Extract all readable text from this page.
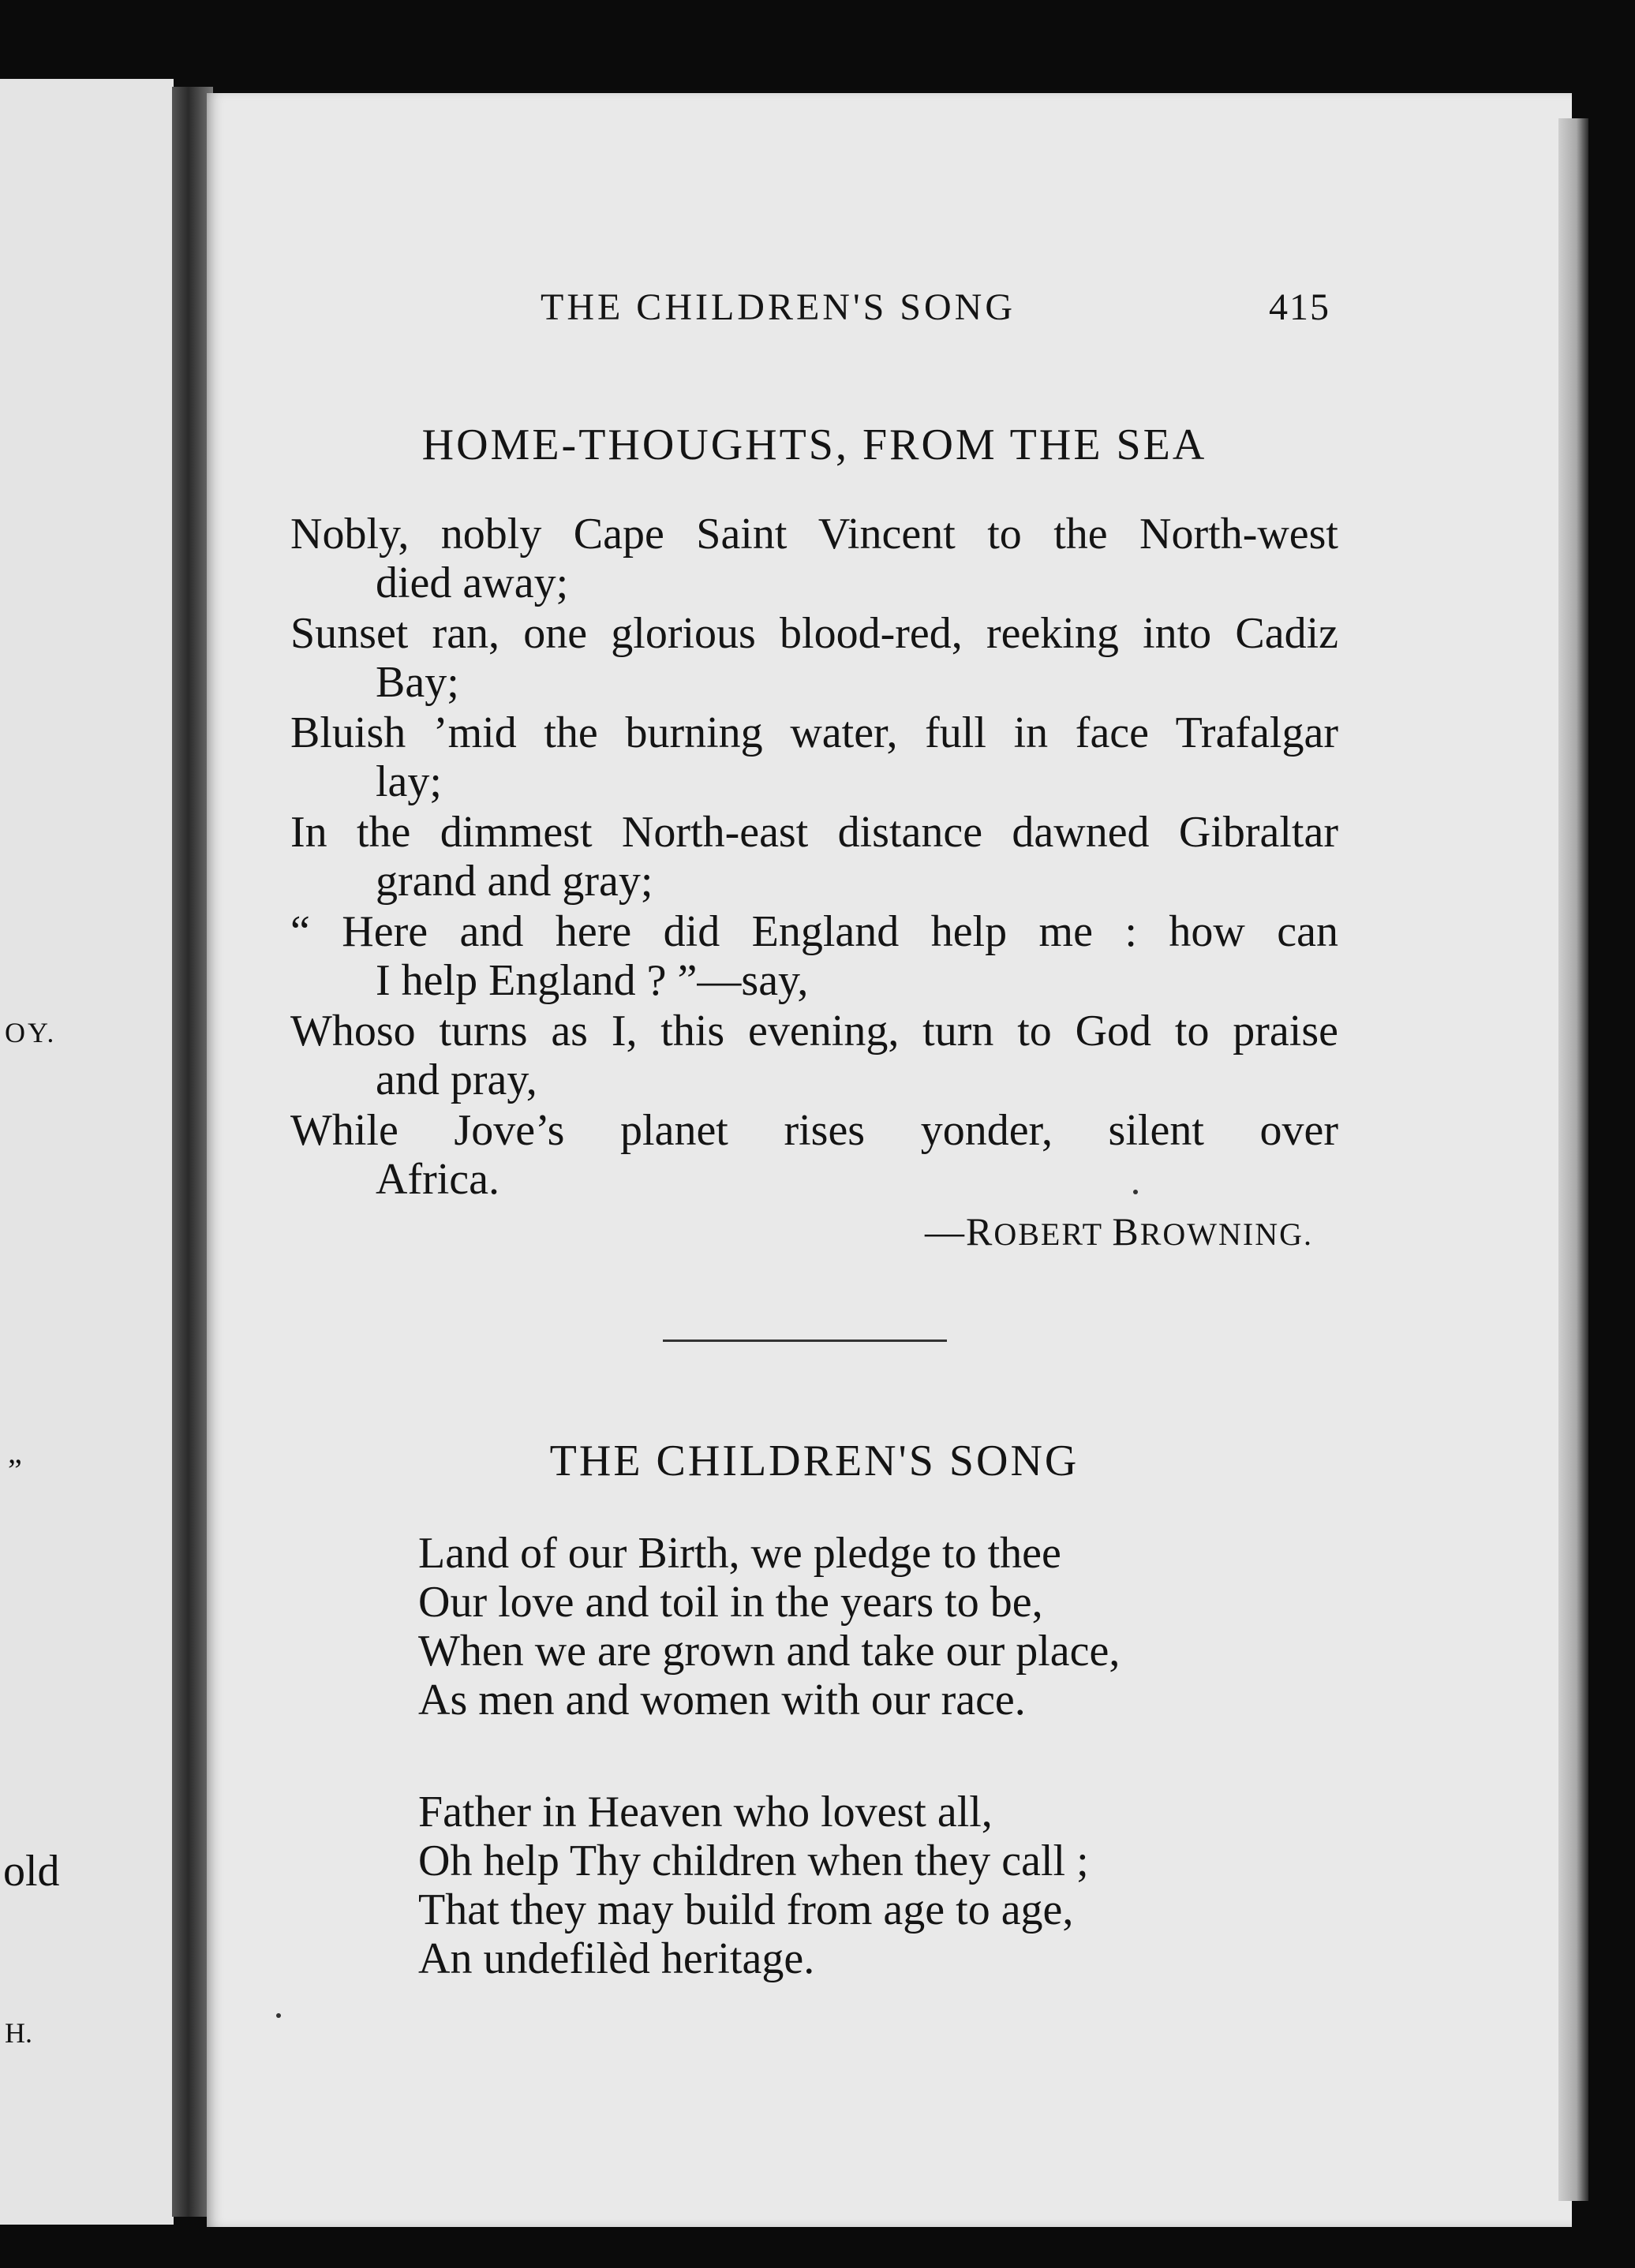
OY.
”
old
H.
THE CHILDREN'S SONG	415
HOME-THOUGHTS, FROM THE SEA
Nobly, nobly Cape Saint Vincent to the North-west
died away;
Sunset ran, one glorious blood-red, reeking into Cadiz
Bay;
Bluish ’mid the burning water, full in face Trafalgar
lay;
In the dimmest North-east distance dawned Gibraltar
grand and gray;
“ Here and here did England help me : how can
I help England ? ”—say,
Whoso turns as I, this evening, turn to God to praise
and pray,
While Jove’s planet rises yonder, silent over
Africa.
—ROBERT BROWNING.
THE CHILDREN'S SONG
Land of our Birth, we pledge to thee
Our love and toil in the years to be,
When we are grown and take our place,
As men and women with our race.
Father in Heaven who lovest all,
Oh help Thy children when they call ;
That they may build from age to age,
An undefilèd heritage.
